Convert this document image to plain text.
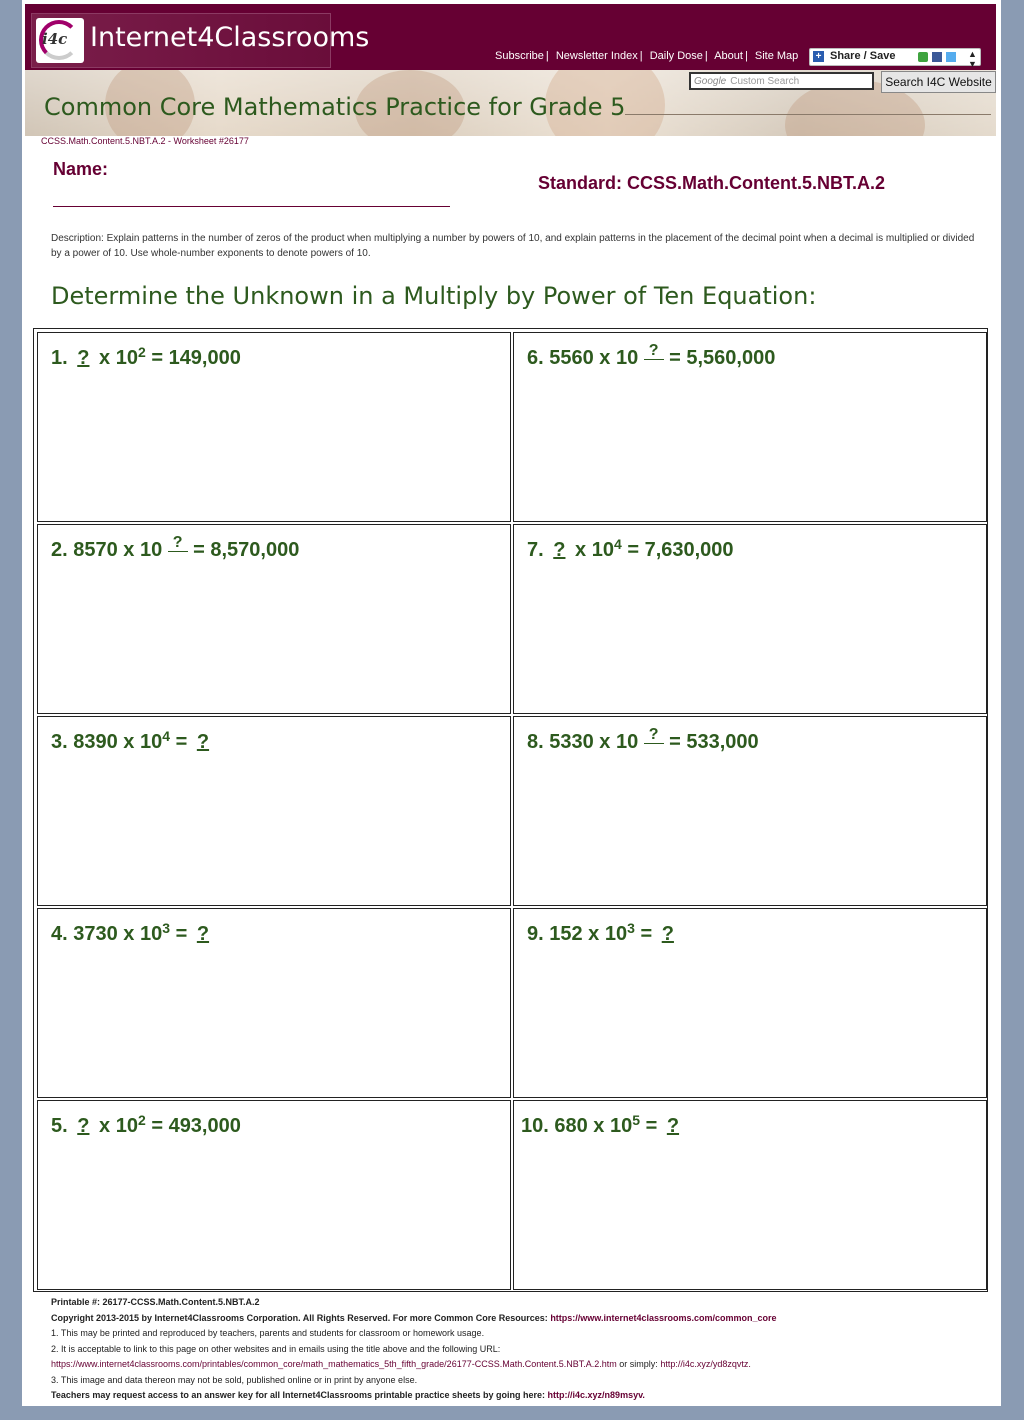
i4c Internet4Classrooms
Subscribe | Newsletter Index | Daily Dose | About | Site Map + Share / Save	▲
▼
Google Custom Search	Search I4C Website
Common Core Mathematics Practice for Grade 5
CCSS.Math.Content.5.NBT.A.2 - Worksheet #26177
Name:
Standard: CCSS.Math.Content.5.NBT.A.2
Description: Explain patterns in the number of zeros of the product when multiplying a number by powers of 10, and explain patterns in the placement of the decimal point when a decimal is multiplied or divided by a power of 10. Use whole-number exponents to denote powers of 10.
Determine the Unknown in a Multiply by Power of Ten Equation:
1. ? x $10^2 = 149,000$
2. 8570 x 10 ? = 8,570,000
3. 8390 x $10^4$ = ?
4. 3730 x $10^3$ = ?
5. ? x $10^2 = 493,000$
6. 5560 x 10 ? = 5,560,000
7. ? x $10^4 = 7,630,000$
8. 5330 x 10 ? = 533,000
9. 152 x $10^3$ = ?
10. 680 x $10^5$ = ?
Printable #: 26177-CCSS.Math.Content.5.NBT.A.2
Copyright 2013-2015 by Internet4Classrooms Corporation. All Rights Reserved. For more Common Core Resources: https://www.internet4classrooms.com/common_core
1. This may be printed and reproduced by teachers, parents and students for classroom or homework usage.
2. It is acceptable to link to this page on other websites and in emails using the title above and the following URL:
https://www.internet4classrooms.com/printables/common_core/math_mathematics_5th_fifth_grade/26177-CCSS.Math.Content.5.NBT.A.2.htm or simply: http://i4c.xyz/yd8zqvtz.
3. This image and data thereon may not be sold, published online or in print by anyone else.
Teachers may request access to an answer key for all Internet4Classrooms printable practice sheets by going here: http://i4c.xyz/n89msyv.
